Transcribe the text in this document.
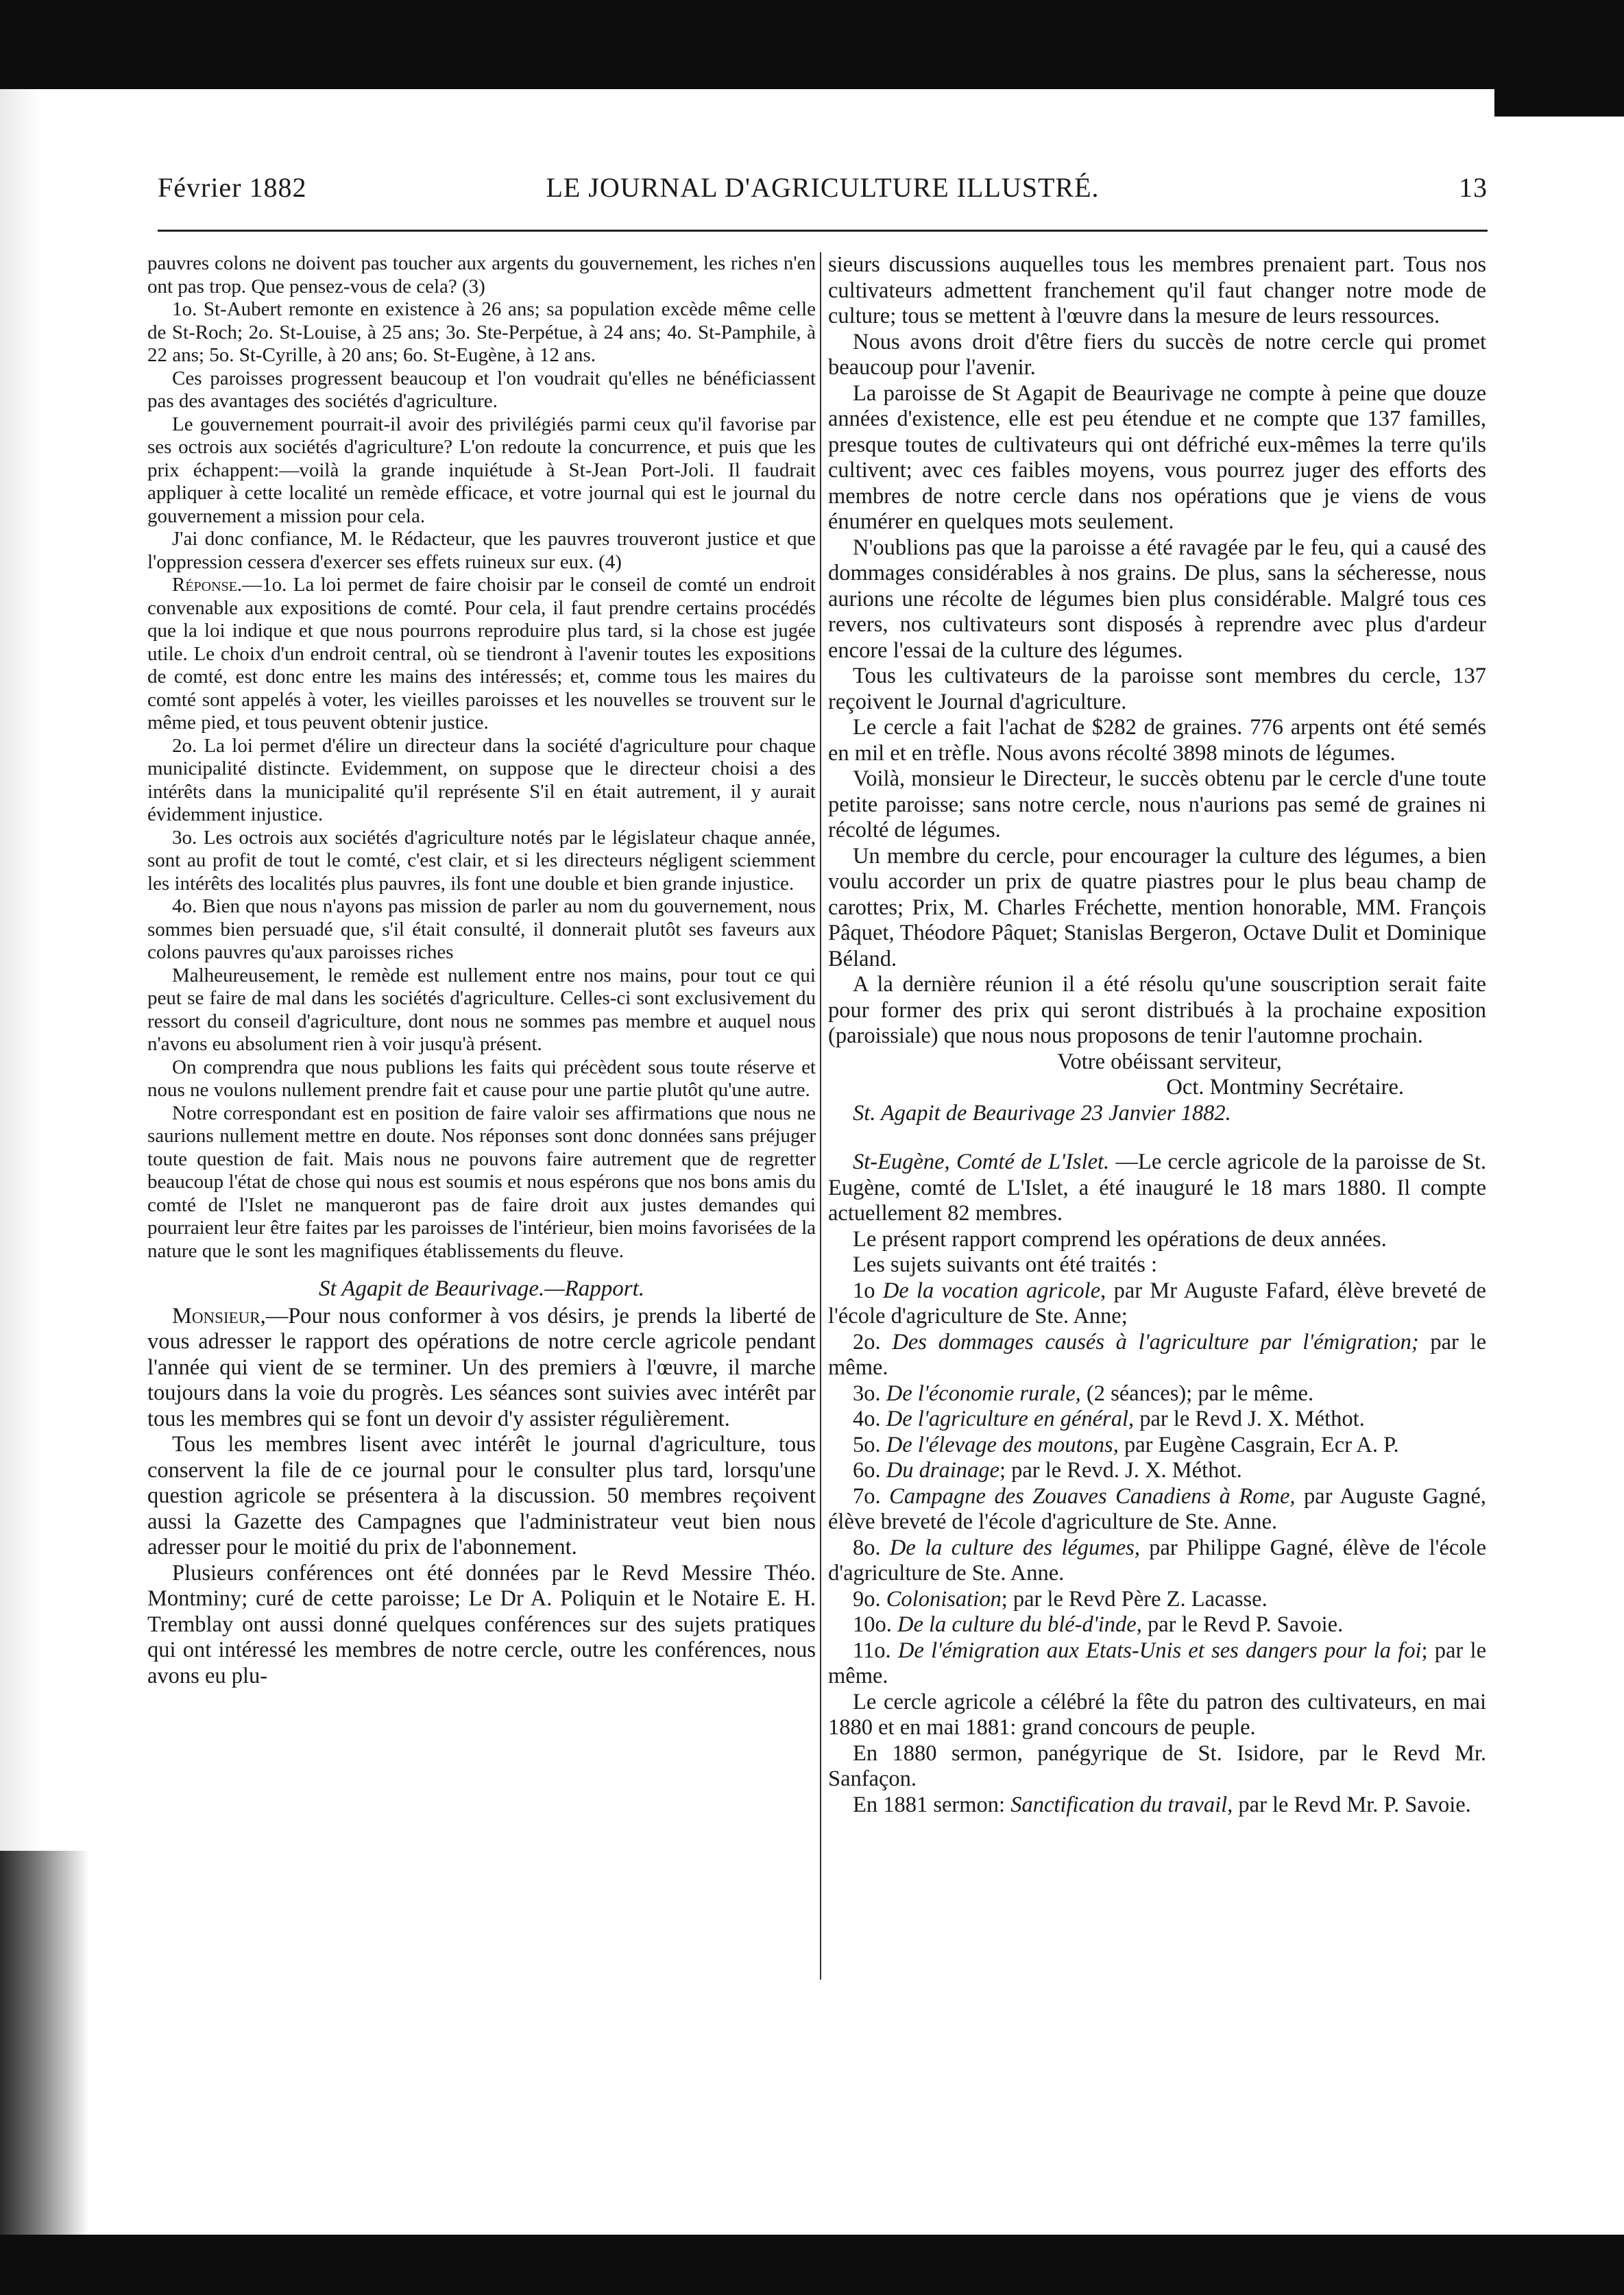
Février 1882	LE JOURNAL D'AGRICULTURE ILLUSTRÉ.	13

pauvres colons ne doivent pas toucher aux argents du gouvernement, les riches n'en ont pas trop. Que pensez-vous de cela? (3)

1o. St-Aubert remonte en existence à 26 ans; sa population excède même celle de St-Roch; 2o. St-Louise, à 25 ans; 3o. Ste-Perpétue, à 24 ans; 4o. St-Pamphile, à 22 ans; 5o. St-Cyrille, à 20 ans; 6o. St-Eugène, à 12 ans.

Ces paroisses progressent beaucoup et l'on voudrait qu'elles ne bénéficiassent pas des avantages des sociétés d'agriculture.

Le gouvernement pourrait-il avoir des privilégiés parmi ceux qu'il favorise par ses octrois aux sociétés d'agriculture? L'on redoute la concurrence, et puis que les prix échappent:—voilà la grande inquiétude à St-Jean Port-Joli. Il faudrait appliquer à cette localité un remède efficace, et votre journal qui est le journal du gouvernement a mission pour cela.

J'ai donc confiance, M. le Rédacteur, que les pauvres trouveront justice et que l'oppression cessera d'exercer ses effets ruineux sur eux. (4)

Réponse.—1o. La loi permet de faire choisir par le conseil de comté un endroit convenable aux expositions de comté. Pour cela, il faut prendre certains procédés que la loi indique et que nous pourrons reproduire plus tard, si la chose est jugée utile. Le choix d'un endroit central, où se tiendront à l'avenir toutes les expositions de comté, est donc entre les mains des intéressés; et, comme tous les maires du comté sont appelés à voter, les vieilles paroisses et les nouvelles se trouvent sur le même pied, et tous peuvent obtenir justice.

2o. La loi permet d'élire un directeur dans la société d'agriculture pour chaque municipalité distincte. Evidemment, on suppose que le directeur choisi a des intérêts dans la municipalité qu'il représente S'il en était autrement, il y aurait évidemment injustice.

3o. Les octrois aux sociétés d'agriculture notés par le législateur chaque année, sont au profit de tout le comté, c'est clair, et si les directeurs négligent sciemment les intérêts des localités plus pauvres, ils font une double et bien grande injustice.

4o. Bien que nous n'ayons pas mission de parler au nom du gouvernement, nous sommes bien persuadé que, s'il était consulté, il donnerait plutôt ses faveurs aux colons pauvres qu'aux paroisses riches

Malheureusement, le remède est nullement entre nos mains, pour tout ce qui peut se faire de mal dans les sociétés d'agriculture. Celles-ci sont exclusivement du ressort du conseil d'agriculture, dont nous ne sommes pas membre et auquel nous n'avons eu absolument rien à voir jusqu'à présent.

On comprendra que nous publions les faits qui précèdent sous toute réserve et nous ne voulons nullement prendre fait et cause pour une partie plutôt qu'une autre.

Notre correspondant est en position de faire valoir ses affirmations que nous ne saurions nullement mettre en doute. Nos réponses sont donc données sans préjuger toute question de fait. Mais nous ne pouvons faire autrement que de regretter beaucoup l'état de chose qui nous est soumis et nous espérons que nos bons amis du comté de l'Islet ne manqueront pas de faire droit aux justes demandes qui pourraient leur être faites par les paroisses de l'intérieur, bien moins favorisées de la nature que le sont les magnifiques établissements du fleuve.

St Agapit de Beaurivage.—Rapport.

Monsieur,—Pour nous conformer à vos désirs, je prends la liberté de vous adresser le rapport des opérations de notre cercle agricole pendant l'année qui vient de se terminer. Un des premiers à l'œuvre, il marche toujours dans la voie du progrès. Les séances sont suivies avec intérêt par tous les membres qui se font un devoir d'y assister régulièrement.

Tous les membres lisent avec intérêt le journal d'agriculture, tous conservent la file de ce journal pour le consulter plus tard, lorsqu'une question agricole se présentera à la discussion. 50 membres reçoivent aussi la Gazette des Campagnes que l'administrateur veut bien nous adresser pour le moitié du prix de l'abonnement.

Plusieurs conférences ont été données par le Revd Messire Théo. Montminy; curé de cette paroisse; Le Dr A. Poliquin et le Notaire E. H. Tremblay ont aussi donné quelques conférences sur des sujets pratiques qui ont intéressé les membres de notre cercle, outre les conférences, nous avons eu plu-

sieurs discussions auquelles tous les membres prenaient part. Tous nos cultivateurs admettent franchement qu'il faut changer notre mode de culture; tous se mettent à l'œuvre dans la mesure de leurs ressources.

Nous avons droit d'être fiers du succès de notre cercle qui promet beaucoup pour l'avenir.

La paroisse de St Agapit de Beaurivage ne compte à peine que douze années d'existence, elle est peu étendue et ne compte que 137 familles, presque toutes de cultivateurs qui ont défriché eux-mêmes la terre qu'ils cultivent; avec ces faibles moyens, vous pourrez juger des efforts des membres de notre cercle dans nos opérations que je viens de vous énumérer en quelques mots seulement.

N'oublions pas que la paroisse a été ravagée par le feu, qui a causé des dommages considérables à nos grains. De plus, sans la sécheresse, nous aurions une récolte de légumes bien plus considérable. Malgré tous ces revers, nos cultivateurs sont disposés à reprendre avec plus d'ardeur encore l'essai de la culture des légumes.

Tous les cultivateurs de la paroisse sont membres du cercle, 137 reçoivent le Journal d'agriculture.

Le cercle a fait l'achat de $282 de graines. 776 arpents ont été semés en mil et en trèfle. Nous avons récolté 3898 minots de légumes.

Voilà, monsieur le Directeur, le succès obtenu par le cercle d'une toute petite paroisse; sans notre cercle, nous n'aurions pas semé de graines ni récolté de légumes.

Un membre du cercle, pour encourager la culture des légumes, a bien voulu accorder un prix de quatre piastres pour le plus beau champ de carottes; Prix, M. Charles Fréchette, mention honorable, MM. François Pâquet, Théodore Pâquet; Stanislas Bergeron, Octave Dulit et Dominique Béland.

A la dernière réunion il a été résolu qu'une souscription serait faite pour former des prix qui seront distribués à la prochaine exposition (paroissiale) que nous nous proposons de tenir l'automne prochain.

Votre obéissant serviteur,

Oct. Montminy Secrétaire.

St. Agapit de Beaurivage 23 Janvier 1882.

St-Eugène, Comté de L'Islet. —Le cercle agricole de la paroisse de St. Eugène, comté de L'Islet, a été inauguré le 18 mars 1880. Il compte actuellement 82 membres.

Le présent rapport comprend les opérations de deux années.

Les sujets suivants ont été traités :

1o De la vocation agricole, par Mr Auguste Fafard, élève breveté de l'école d'agriculture de Ste. Anne;

2o. Des dommages causés à l'agriculture par l'émigration; par le même.

3o. De l'économie rurale, (2 séances); par le même.

4o. De l'agriculture en général, par le Revd J. X. Méthot.

5o. De l'élevage des moutons, par Eugène Casgrain, Ecr A. P.

6o. Du drainage; par le Revd. J. X. Méthot.

7o. Campagne des Zouaves Canadiens à Rome, par Auguste Gagné, élève breveté de l'école d'agriculture de Ste. Anne.

8o. De la culture des légumes, par Philippe Gagné, élève de l'école d'agriculture de Ste. Anne.

9o. Colonisation; par le Revd Père Z. Lacasse.

10o. De la culture du blé-d'inde, par le Revd P. Savoie.

11o. De l'émigration aux Etats-Unis et ses dangers pour la foi; par le même.

Le cercle agricole a célébré la fête du patron des cultivateurs, en mai 1880 et en mai 1881: grand concours de peuple.

En 1880 sermon, panégyrique de St. Isidore, par le Revd Mr. Sanfaçon.

En 1881 sermon: Sanctification du travail, par le Revd Mr. P. Savoie.
